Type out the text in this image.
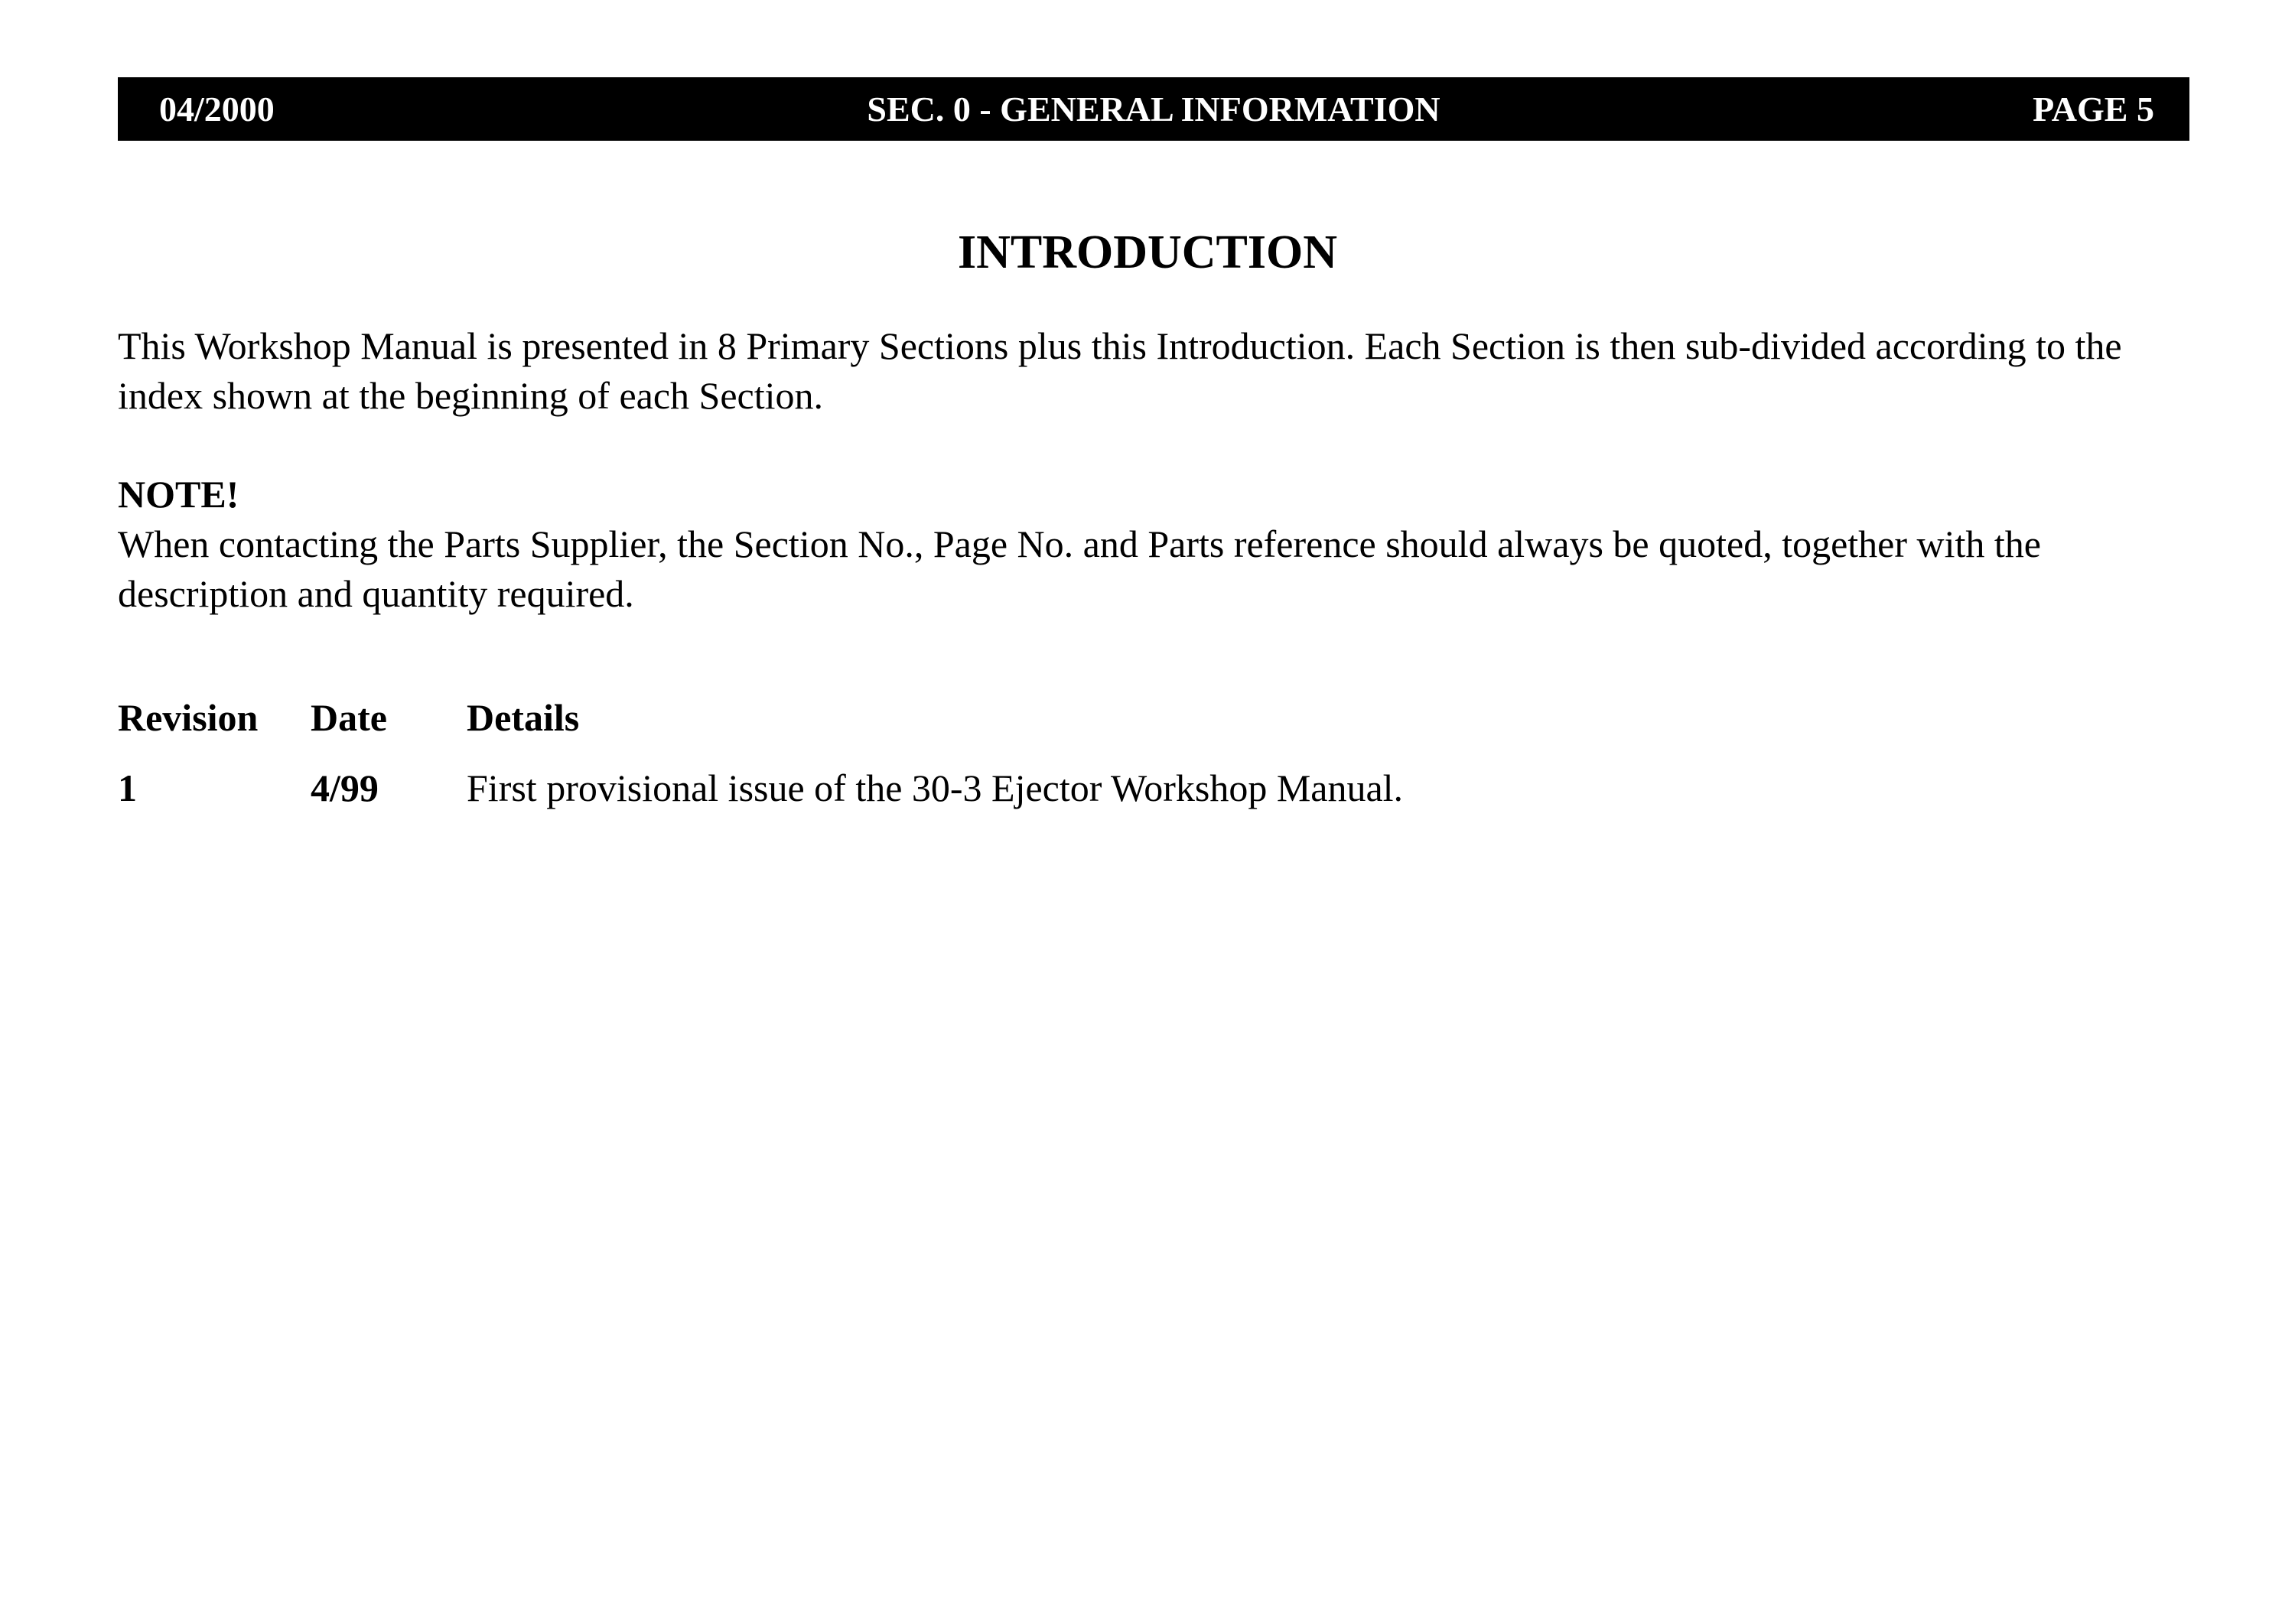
04/2000	SEC. 0 - GENERAL INFORMATION	PAGE 5
INTRODUCTION

This Workshop Manual is presented in 8 Primary Sections plus this Introduction. Each Section is then sub-divided according to the index shown at the beginning of each Section.

NOTE!

When contacting the Parts Supplier, the Section No., Page No. and Parts reference should always be quoted, together with the description and quantity required.

Revision Date Details
1	4/99 First provisional issue of the 30-3 Ejector Workshop Manual.
